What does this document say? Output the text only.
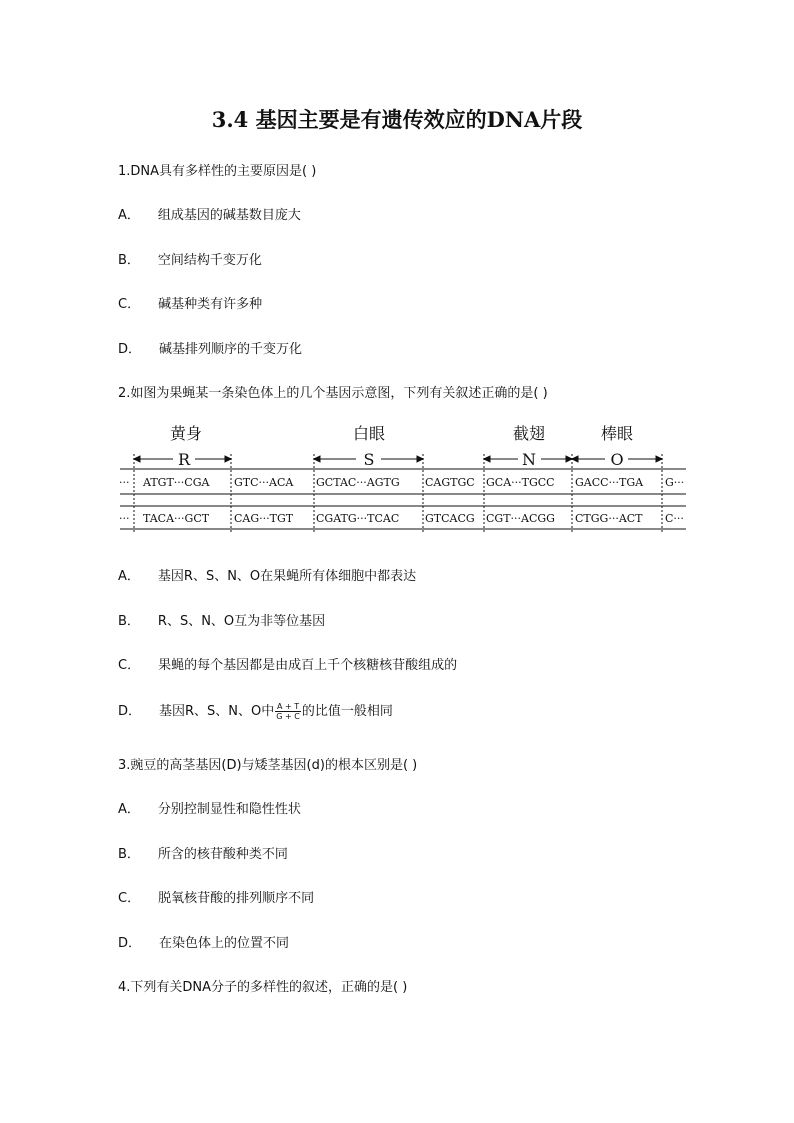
3.4 基因主要是有遗传效应的DNA片段
1.DNA具有多样性的主要原因是( )
A． 组成基因的碱基数目庞大
B． 空间结构千变万化
C． 碱基种类有许多种
D． 碱基排列顺序的千变万化
2.如图为果蝇某一条染色体上的几个基因示意图，下列有关叙述正确的是( )
黄身	白眼	截翅	棒眼
R	S	N	O
··· ATGT···CGA GTC···ACA GCTAC···AGTG CAGTGC GCA···TGCC GACC···TGA G···
··· TACA···GCT CAG···TGT CGATG···TCAC GTCACG CGT···ACGG CTGG···ACT C···
A． 基因R、S、N、O在果蝇所有体细胞中都表达
B． R、S、N、O互为非等位基因
C． 果蝇的每个基因都是由成百上千个核糖核苷酸组成的
D． 基因R、S、N、O中 $\frac{A + T}{G + C}$ 的比值一般相同
3.豌豆的高茎基因(D)与矮茎基因(d)的根本区别是( )
A． 分别控制显性和隐性性状
B． 所含的核苷酸种类不同
C． 脱氧核苷酸的排列顺序不同
D． 在染色体上的位置不同
4.下列有关DNA分子的多样性的叙述，正确的是( )
